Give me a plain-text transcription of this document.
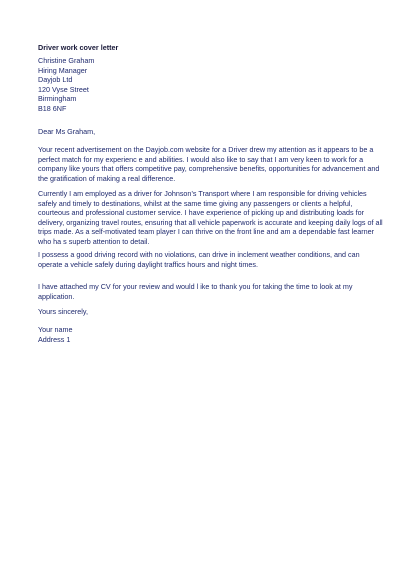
Driver work cover letter
Christine Graham
Hiring Manager
Dayjob Ltd
120 Vyse Street
Birmingham
B18 6NF
Dear Ms Graham,
Your recent advertisement on the Dayjob.com website for a Driver drew my attention as it appears to be a
perfect match for my experienc e and abilities. I would also like to say that I am very keen to work for a
company like yours that offers competitive pay, comprehensive benefits, opportunities for advancement and
the gratification of making a real difference.
Currently I am employed as a driver for Johnson’s Transport where I am responsible for driving vehicles
safely and timely to destinations, whilst at the same time giving any passengers or clients a helpful,
courteous and professional customer service. I have experience of picking up and distributing loads for
delivery, organizing travel routes, ensuring that all vehicle paperwork is accurate and keeping daily logs of all
trips made. As a self-motivated team player I can thrive on the front line and am a dependable fast learner
who ha s superb attention to detail.
I possess a good driving record with no violations, can drive in inclement weather conditions, and can
operate a vehicle safely during daylight traffics hours and night times.
I have attached my CV for your review and would l ike to thank you for taking the time to look at my
application.
Yours sincerely,
Your name
Address 1
